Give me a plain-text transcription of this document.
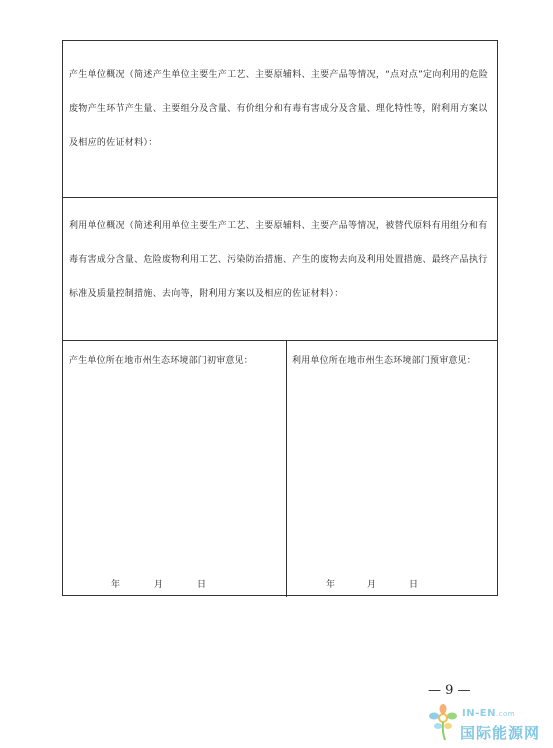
产生单位概况（简述产生单位主要生产工艺、主要原辅料、主要产品等情况，“点对点”定向利用的危险废物产生环节产生量、主要组分及含量、有价组分和有毒有害成分及含量、理化特性等，附利用方案以及相应的佐证材料）：
利用单位概况（简述利用单位主要生产工艺、主要原辅料、主要产品等情况，被替代原料有用组分和有毒有害成分含量、危险废物利用工艺、污染防治措施、产生的废物去向及利用处置措施、最终产品执行标准及质量控制措施、去向等，附利用方案以及相应的佐证材料）：
产生单位所在地市州生态环境部门初审意见：
年	月	日
利用单位所在地市州生态环境部门预审意见：
年	月	日
— 9 —
IN-EN.com
国际能源网
